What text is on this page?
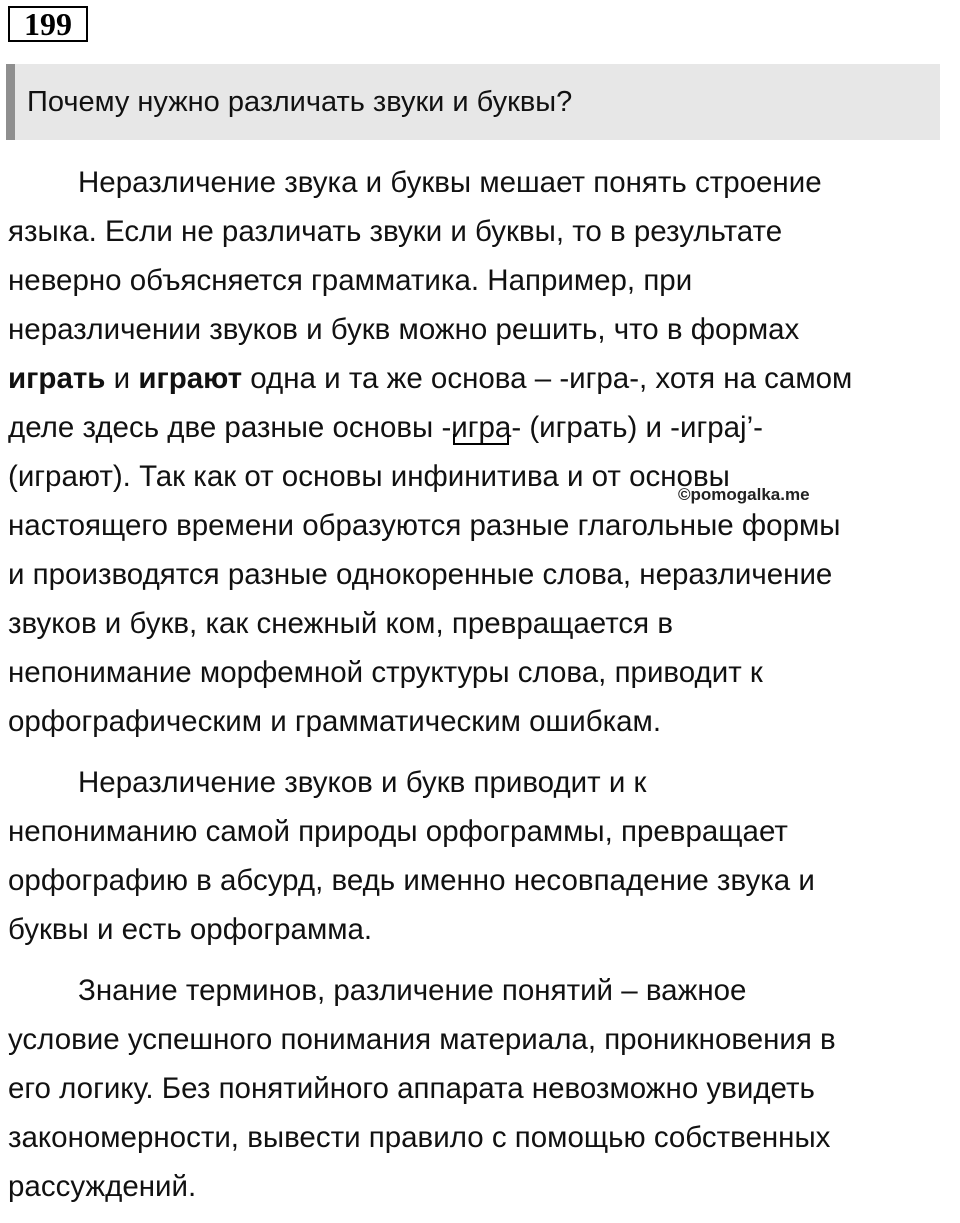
199
Почему нужно различать звуки и буквы?

Неразличение звука и буквы мешает понять строение
языка. Если не различать звуки и буквы, то в результате
неверно объясняется грамматика. Например, при
неразличении звуков и букв можно решить, что в формах
играть и играют одна и та же основа – -игра-, хотя на самом
деле здесь две разные основы -игра- (играть) и -играj’-
(играют). Так как от основы инфинитива и от основы
настоящего времени образуются разные глагольные формы
и производятся разные однокоренные слова, неразличение
звуков и букв, как снежный ком, превращается в
непонимание морфемной структуры слова, приводит к
орфографическим и грамматическим ошибкам.

Неразличение звуков и букв приводит и к
непониманию самой природы орфограммы, превращает
орфографию в абсурд, ведь именно несовпадение звука и
буквы и есть орфограмма.

Знание терминов, различение понятий – важное
условие успешного понимания материала, проникновения в
его логику. Без понятийного аппарата невозможно увидеть
закономерности, вывести правило с помощью собственных
рассуждений.

©pomogalka.me
